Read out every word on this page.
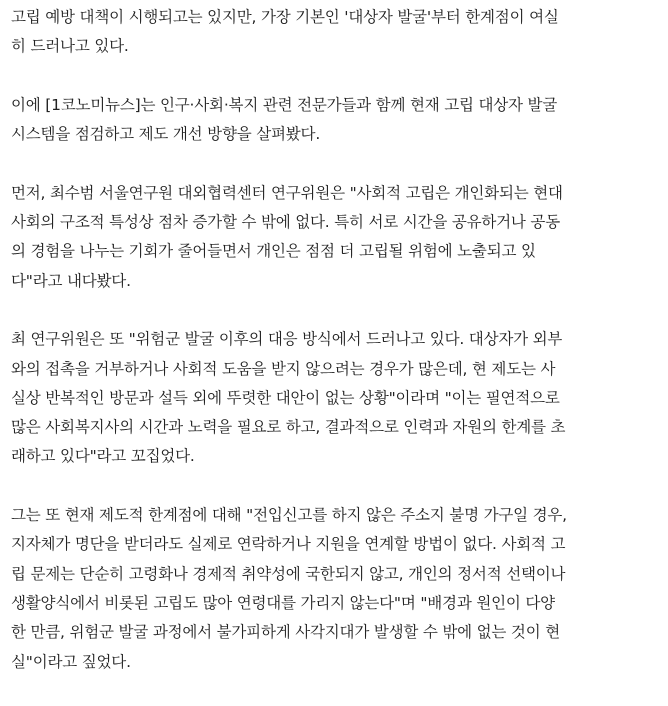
고립 예방 대책이 시행되고는 있지만, 가장 기본인 '대상자 발굴'부터 한계점이 여실
히 드러나고 있다.

이에 [1코노미뉴스]는 인구·사회·복지 관련 전문가들과 함께 현재 고립 대상자 발굴
시스템을 점검하고 제도 개선 방향을 살펴봤다.

먼저, 최수범 서울연구원 대외협력센터 연구위원은 "사회적 고립은 개인화되는 현대
사회의 구조적 특성상 점차 증가할 수 밖에 없다. 특히 서로 시간을 공유하거나 공동
의 경험을 나누는 기회가 줄어들면서 개인은 점점 더 고립될 위험에 노출되고 있
다"라고 내다봤다.

최 연구위원은 또 "위험군 발굴 이후의 대응 방식에서 드러나고 있다. 대상자가 외부
와의 접촉을 거부하거나 사회적 도움을 받지 않으려는 경우가 많은데, 현 제도는 사
실상 반복적인 방문과 설득 외에 뚜렷한 대안이 없는 상황"이라며 "이는 필연적으로
많은 사회복지사의 시간과 노력을 필요로 하고, 결과적으로 인력과 자원의 한계를 초
래하고 있다"라고 꼬집었다.

그는 또 현재 제도적 한계점에 대해 "전입신고를 하지 않은 주소지 불명 가구일 경우,
지자체가 명단을 받더라도 실제로 연락하거나 지원을 연계할 방법이 없다. 사회적 고
립 문제는 단순히 고령화나 경제적 취약성에 국한되지 않고, 개인의 정서적 선택이나
생활양식에서 비롯된 고립도 많아 연령대를 가리지 않는다"며 "배경과 원인이 다양
한 만큼, 위험군 발굴 과정에서 불가피하게 사각지대가 발생할 수 밖에 없는 것이 현
실"이라고 짚었다.
